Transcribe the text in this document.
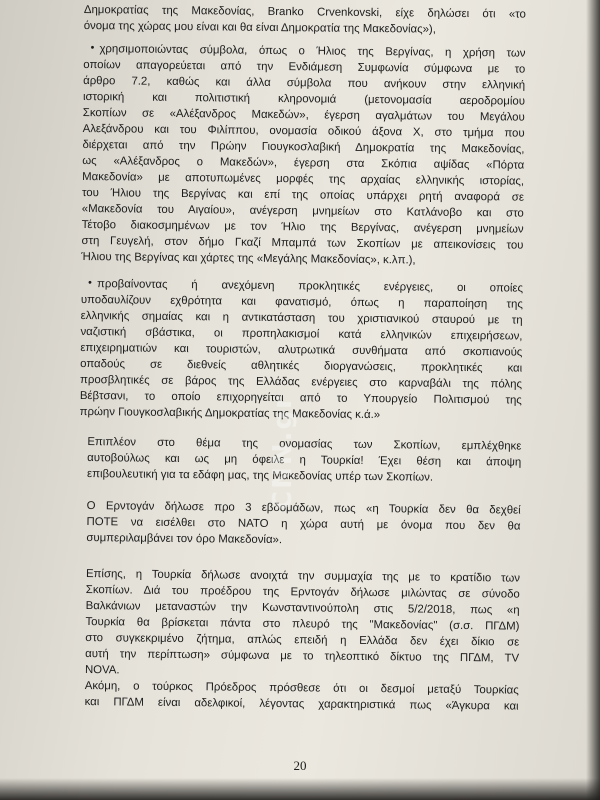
Δημοκρατίας της Μακεδονίας, Branko Crvenkovski, είχε δηλώσει ότι «το
όνομα της χώρας μου είναι και θα είναι Δημοκρατία της Μακεδονίας»),
• χρησιμοποιώντας σύμβολα, όπως ο Ήλιος της Βεργίνας, η χρήση των
οποίων απαγορεύεται από την Ενδιάμεση Συμφωνία σύμφωνα με το
άρθρο 7.2, καθώς και άλλα σύμβολα που ανήκουν στην ελληνική
ιστορική και πολιτιστική κληρονομιά (μετονομασία αεροδρομίου
Σκοπίων σε «Αλέξανδρος Μακεδών», έγερση αγαλμάτων του Μεγάλου
Αλεξάνδρου και του Φιλίππου, ονομασία οδικού άξονα Χ, στο τμήμα που
διέρχεται από την Πρώην Γιουγκοσλαβική Δημοκρατία της Μακεδονίας,
ως «Αλέξανδρος ο Μακεδών», έγερση στα Σκόπια αψίδας «Πόρτα
Μακεδονία» με αποτυπωμένες μορφές της αρχαίας ελληνικής ιστορίας,
του Ήλιου της Βεργίνας και επί της οποίας υπάρχει ρητή αναφορά σε
«Μακεδονία του Αιγαίου», ανέγερση μνημείων στο Κατλάνοβο και στο
Τέτοβο διακοσμημένων με τον Ήλιο της Βεργίνας, ανέγερση μνημείων
στη Γευγελή, στον δήμο Γκαζί Μπαμπά των Σκοπίων με απεικονίσεις του
Ήλιου της Βεργίνας και χάρτες της «Μεγάλης Μακεδονίας», κ.λπ.),
• προβαίνοντας ή ανεχόμενη προκλητικές ενέργειες, οι οποίες
υποδαυλίζουν εχθρότητα και φανατισμό, όπως η παραποίηση της
ελληνικής σημαίας και η αντικατάσταση του χριστιανικού σταυρού με τη
ναζιστική σβάστικα, οι προπηλακισμοί κατά ελληνικών επιχειρήσεων,
επιχειρηματιών και τουριστών, αλυτρωτικά συνθήματα από σκοπιανούς
οπαδούς σε διεθνείς αθλητικές διοργανώσεις, προκλητικές και
προσβλητικές σε βάρος της Ελλάδας ενέργειες στο καρναβάλι της πόλης
Βέβτσανι, το οποίο επιχορηγείται από το Υπουργείο Πολιτισμού της
πρώην Γιουγκοσλαβικής Δημοκρατίας της Μακεδονίας κ.ά.»
Επιπλέον στο θέμα της ονομασίας των Σκοπίων, εμπλέχθηκε
αυτοβούλως και ως μη όφειλε η Τουρκία! Έχει θέση και άποψη
επιβουλευτική για τα εδάφη μας, της Μακεδονίας υπέρ των Σκοπίων.
Ο Ερντογάν δήλωσε προ 3 εβδομάδων, πως «η Τουρκία δεν θα δεχθεί
ΠΟΤΕ να εισέλθει στο ΝΑΤΟ η χώρα αυτή με όνομα που δεν θα
συμπεριλαμβάνει τον όρο Μακεδονία».
Επίσης, η Τουρκία δήλωσε ανοιχτά την συμμαχία της με το κρατίδιο των
Σκοπίων. Διά του προέδρου της Ερντογάν δήλωσε μιλώντας σε σύνοδο
Βαλκάνιων μεταναστών την Κωνσταντινούπολη στις 5/2/2018, πως «η
Τουρκία θα βρίσκεται πάντα στο πλευρό της "Μακεδονίας" (σ.σ. ΠΓΔΜ)
στο συγκεκριμένο ζήτημα, απλώς επειδή η Ελλάδα δεν έχει δίκιο σε
αυτή την περίπτωση» σύμφωνα με το τηλεοπτικό δίκτυο της ΠΓΔΜ, TV
NOVA.
Ακόμη, ο τούρκος Πρόεδρος πρόσθεσε ότι οι δεσμοί μεταξύ Τουρκίας
και ΠΓΔΜ είναι αδελφικοί, λέγοντας χαρακτηριστικά πως «Άγκυρα και
CNN.gr
20
